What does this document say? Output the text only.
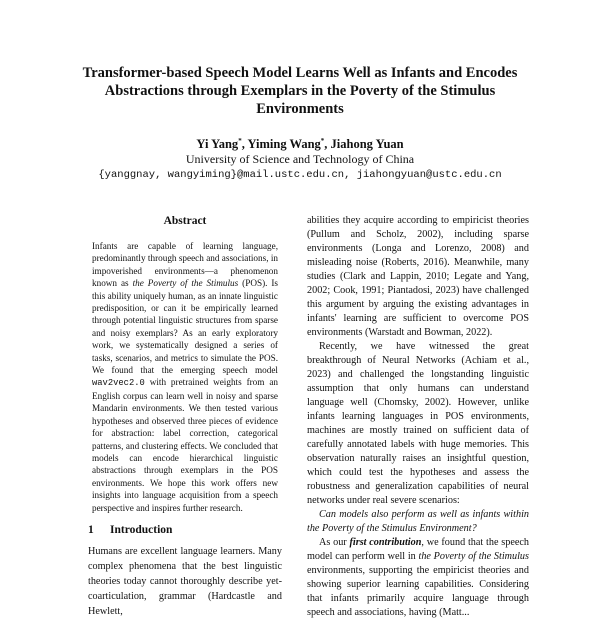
Transformer-based Speech Model Learns Well as Infants and Encodes
Abstractions through Exemplars in the Poverty of the Stimulus
Environments
Yi Yang*, Yiming Wang*, Jiahong Yuan
University of Science and Technology of China
{yanggnay, wangyiming}@mail.ustc.edu.cn, jiahongyuan@ustc.edu.cn
Abstract
Infants are capable of learning language, predominantly through speech and associations, in impoverished environments—a phenomenon known as the Poverty of the Stimulus (POS). Is this ability uniquely human, as an innate linguistic predisposition, or can it be empirically learned through potential linguistic structures from sparse and noisy exemplars? As an early exploratory work, we systematically designed a series of tasks, scenarios, and metrics to simulate the POS. We found that the emerging speech model wav2vec2.0 with pretrained weights from an English corpus can learn well in noisy and sparse Mandarin environments. We then tested various hypotheses and observed three pieces of evidence for abstraction: label correction, categorical patterns, and clustering effects. We concluded that models can encode hierarchical linguistic abstractions through exemplars in the POS environments. We hope this work offers new insights into language acquisition from a speech perspective and inspires further research.
1 Introduction
Humans are excellent language learners. Many complex phenomena that the best linguistic theories today cannot thoroughly describe yet- coarticulation, grammar (Hardcastle and Hewlett,

abilities they acquire according to empiricist theories (Pullum and Scholz, 2002), including sparse environments (Longa and Lorenzo, 2008) and misleading noise (Roberts, 2016). Meanwhile, many studies (Clark and Lappin, 2010; Legate and Yang, 2002; Cook, 1991; Piantadosi, 2023) have challenged this argument by arguing the existing advantages in infants' learning are sufficient to overcome POS environments (Warstadt and Bowman, 2022).

Recently, we have witnessed the great breakthrough of Neural Networks (Achiam et al., 2023) and challenged the longstanding linguistic assumption that only humans can understand language well (Chomsky, 2002). However, unlike infants learning languages in POS environments, machines are mostly trained on sufficient data of carefully annotated labels with huge memories. This observation naturally raises an insightful question, which could test the hypotheses and assess the robustness and generalization capabilities of neural networks under real severe scenarios:

Can models also perform as well as infants within the Poverty of the Stimulus Environment?

As our first contribution, we found that the speech model can perform well in the Poverty of the Stimulus environments, supporting the empiricist theories and showing superior learning capabilities. Considering that infants primarily acquire language through speech and associations, having (Matt...
